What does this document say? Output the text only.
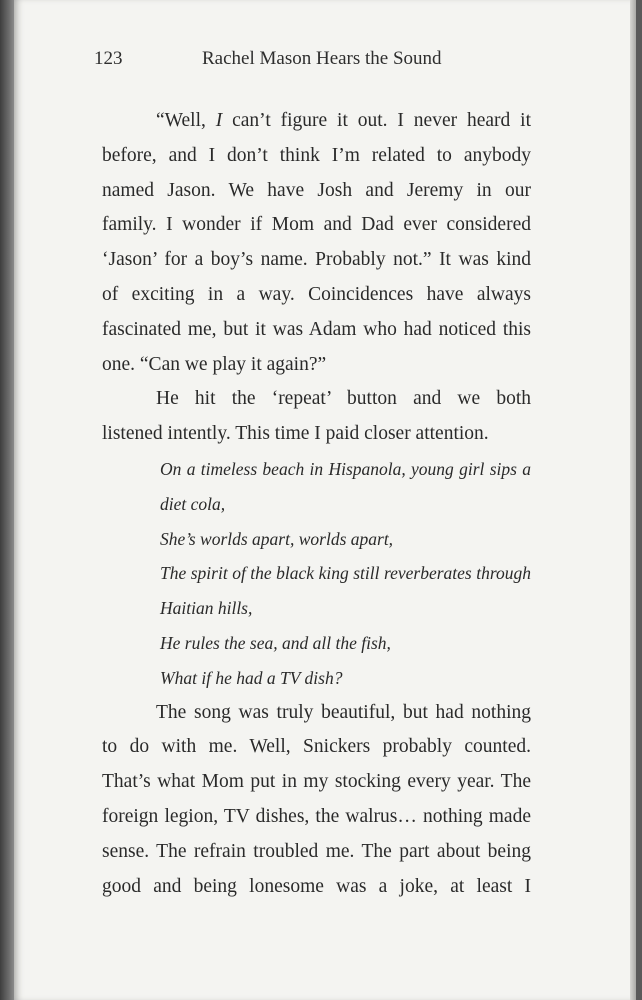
123	Rachel Mason Hears the Sound
“Well, I can’t figure it out. I never heard it
before, and I don’t think I’m related to anybody
named Jason. We have Josh and Jeremy in our
family. I wonder if Mom and Dad ever considered
‘Jason’ for a boy’s name. Probably not.” It was kind
of exciting in a way. Coincidences have always
fascinated me, but it was Adam who had noticed this
one. “Can we play it again?”
He hit the ‘repeat’ button and we both
listened intently. This time I paid closer attention.
On a timeless beach in Hispanola, young girl sips a
diet cola,
She’s worlds apart, worlds apart,
The spirit of the black king still reverberates through
Haitian hills,
He rules the sea, and all the fish,
What if he had a TV dish?
The song was truly beautiful, but had nothing
to do with me. Well, Snickers probably counted.
That’s what Mom put in my stocking every year. The
foreign legion, TV dishes, the walrus… nothing made
sense. The refrain troubled me. The part about being
good and being lonesome was a joke, at least I
